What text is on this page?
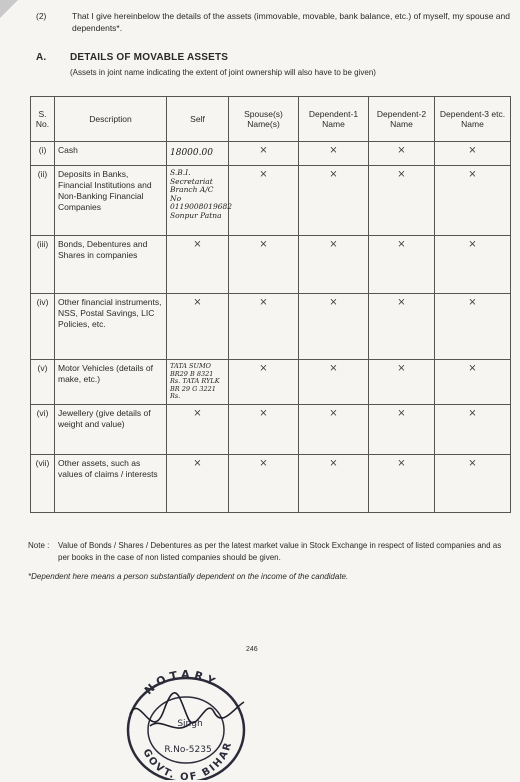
(2)	That I give hereinbelow the details of the assets (immovable, movable, bank balance, etc.) of myself, my spouse and dependents*.
A. DETAILS OF MOVABLE ASSETS
(Assets in joint name indicating the extent of joint ownership will also have to be given)
S. No.	Description	Self	Spouse(s) Name(s)	Dependent-1 Name	Dependent-2 Name	Dependent-3 etc. Name
(i)	Cash	18000.00	×	×	×	×
(ii)	Deposits in Banks, Financial Institutions and Non-Banking Financial Companies	S.B.I. Secretariat Branch A/C No 0119008019682 Sonpur Patna	×	×	×	×
(iii)	Bonds, Debentures and Shares in companies	×	×	×	×	×
(iv)	Other financial instruments, NSS, Postal Savings, LIC Policies, etc.	×	×	×	×	×
(v)	Motor Vehicles (details of make, etc.)	TATA SUMO BR29 B 8321 Rs. TATA RYLK BR 29 G 3221 Rs.	×	×	×	×
(vi)	Jewellery (give details of weight and value)	×	×	×	×	×
(vii)	Other assets, such as values of claims / interests	×	×	×	×	×
Note : Value of Bonds / Shares / Debentures as per the latest market value in Stock Exchange in respect of listed companies and as per books in the case of non listed companies should be given.
*Dependent here means a person substantially dependent on the income of the candidate.
246
NOTARY
GOVT. OF BIHAR
Singh
R.No-5235
